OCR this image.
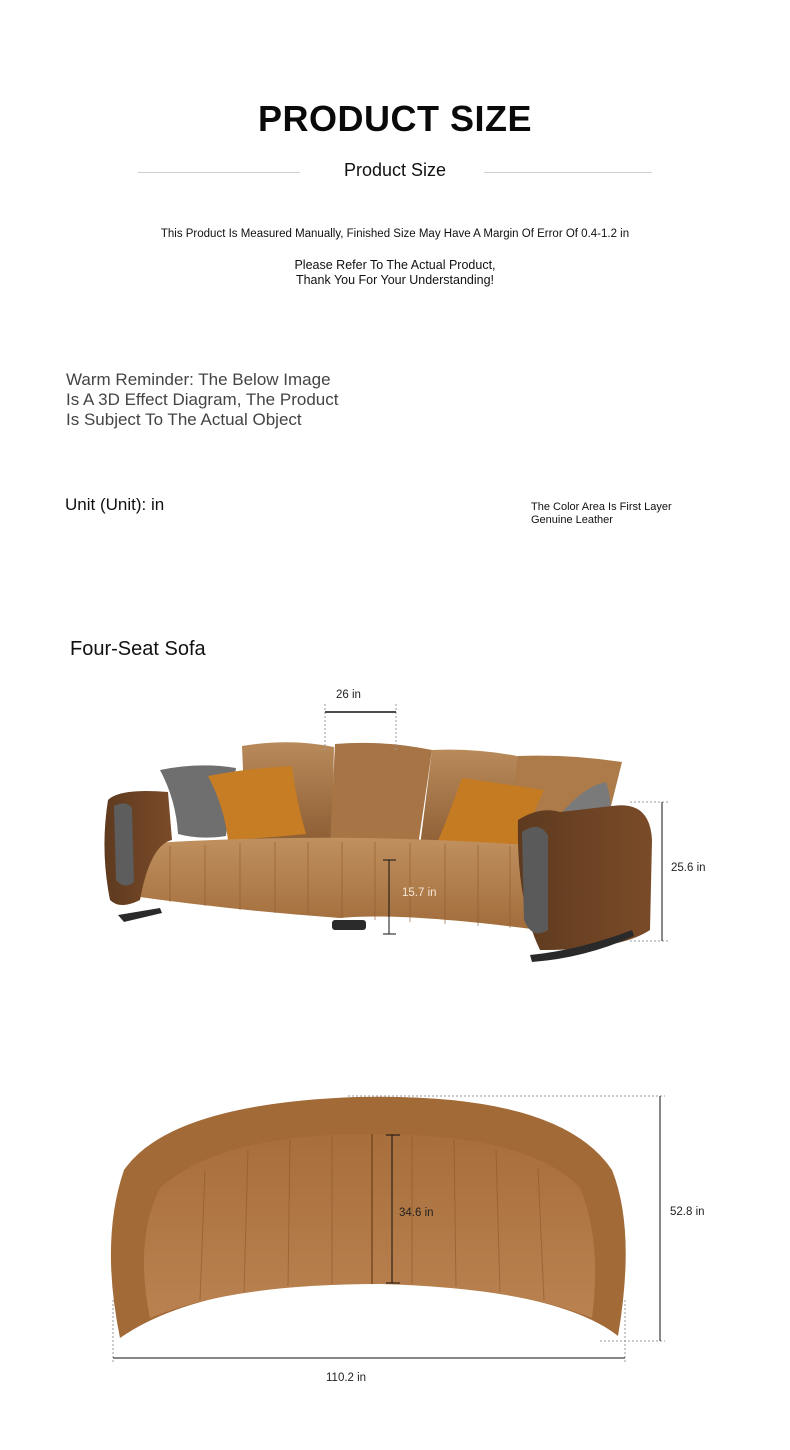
PRODUCT SIZE
Product Size
This Product Is Measured Manually, Finished Size May Have A Margin Of Error Of 0.4-1.2 in
Please Refer To The Actual Product,
Thank You For Your Understanding!
Warm Reminder: The Below Image
Is A 3D Effect Diagram, The Product
Is Subject To The Actual Object
Unit (Unit): in	The Color Area Is First Layer
Genuine Leather
Four-Seat Sofa
26 in
25.6 in
15.7 in
34.6 in	52.8 in
110.2 in
